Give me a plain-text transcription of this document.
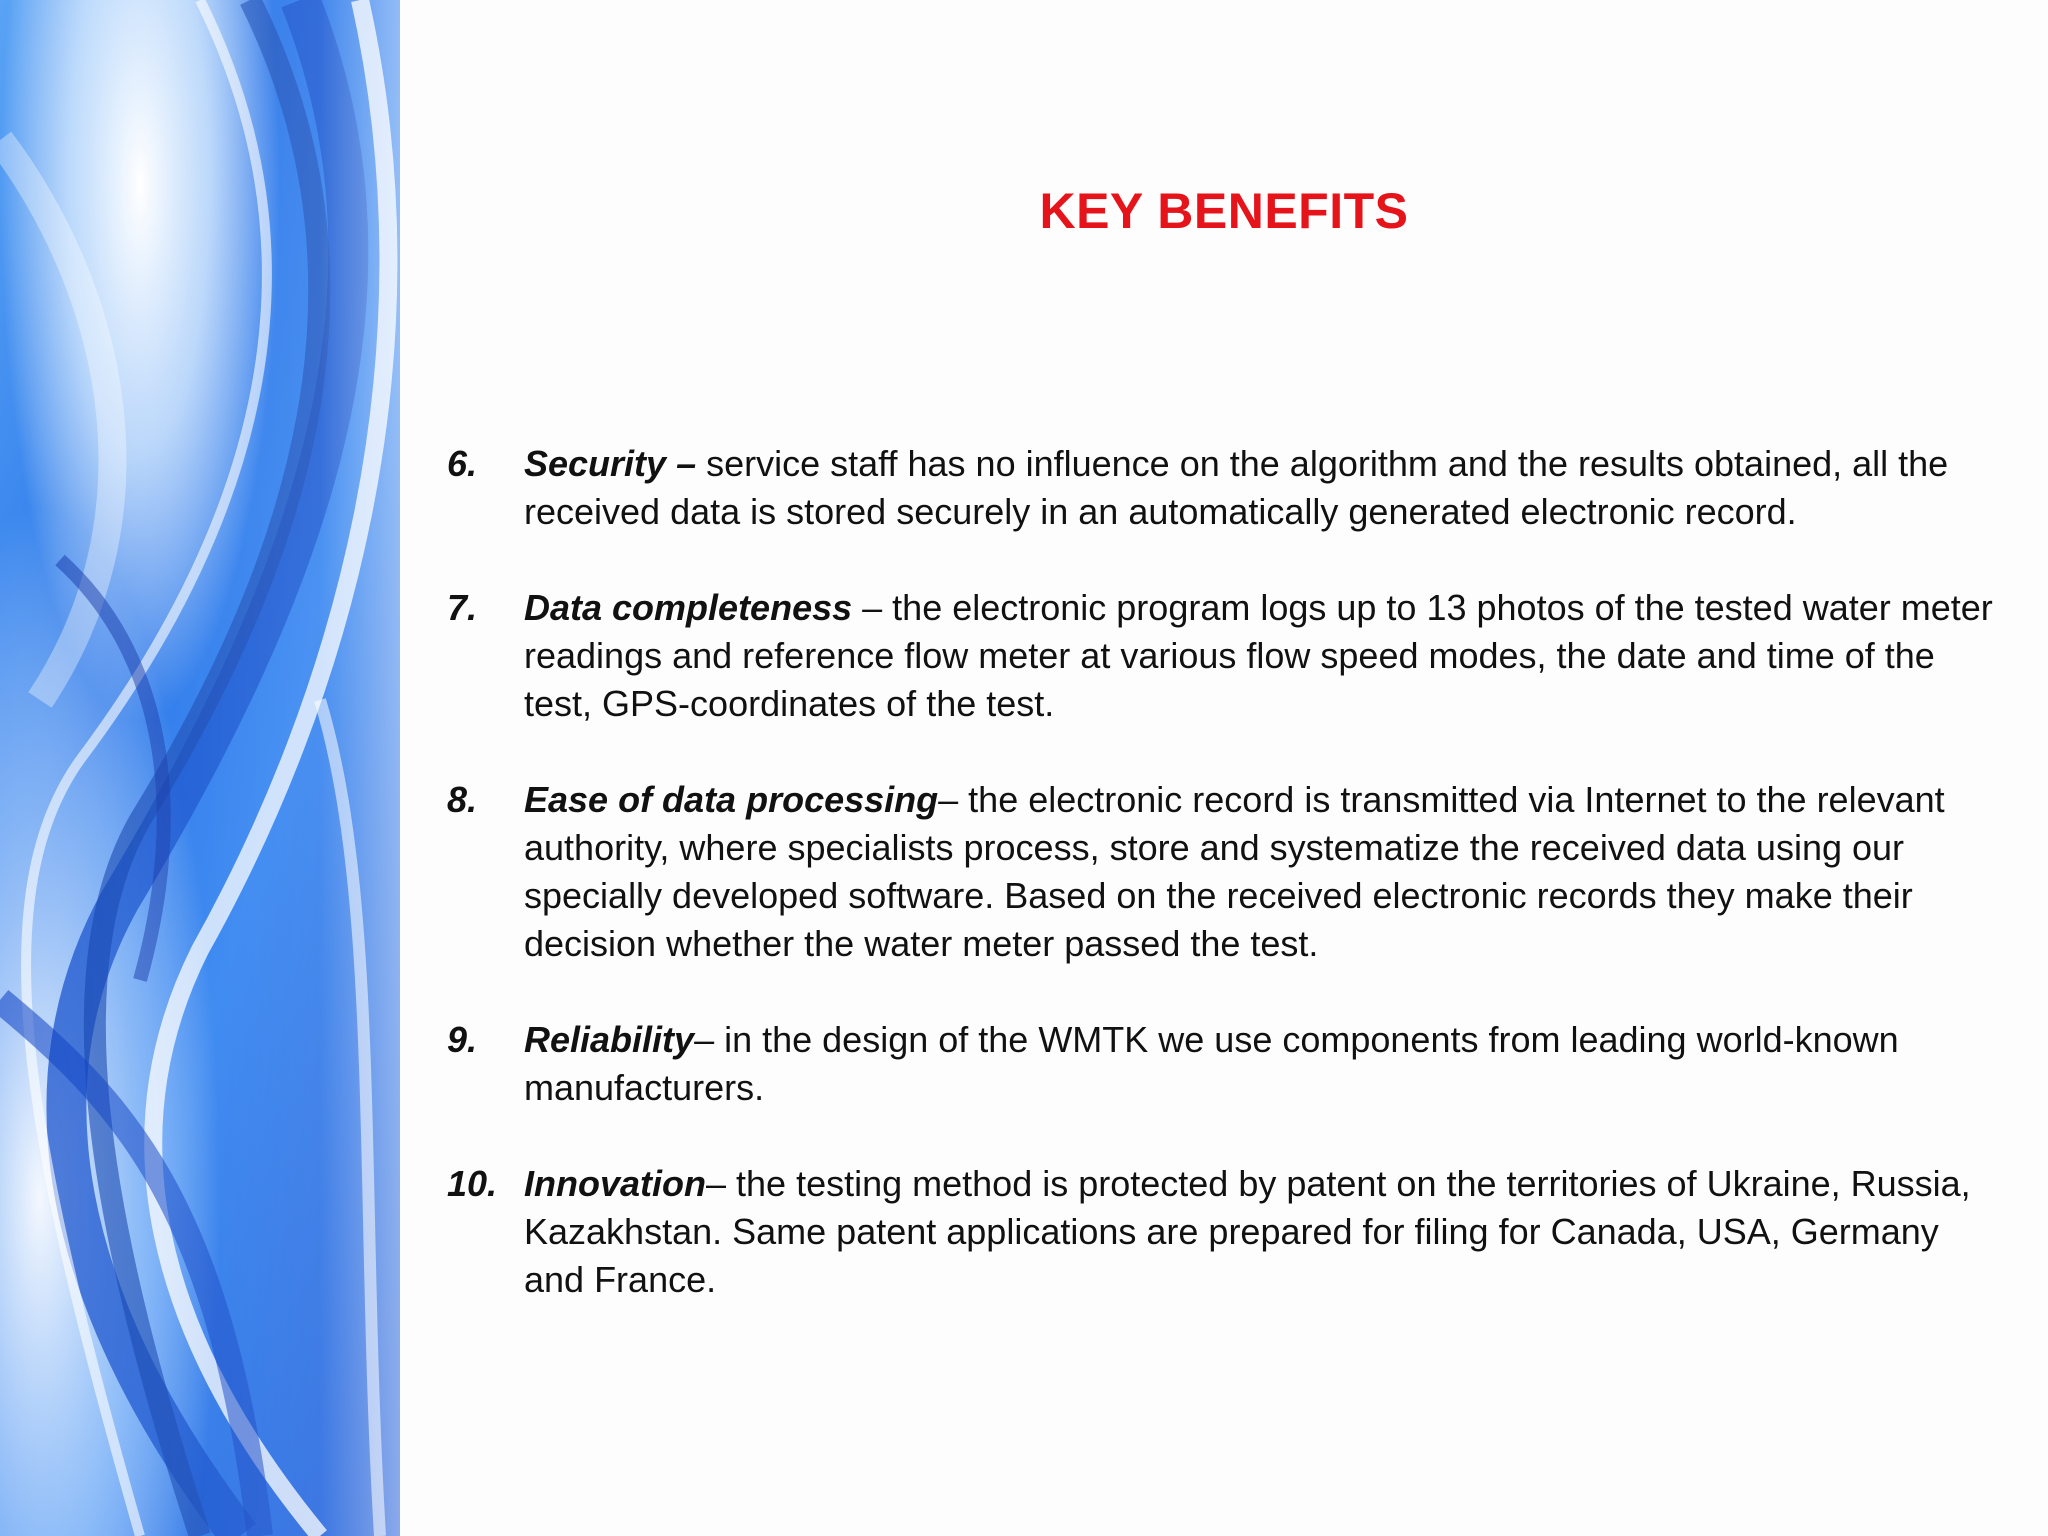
KEY BENEFITS
6. Security – service staff has no influence on the algorithm and the results obtained, all the received data is stored securely in an automatically generated electronic record.
7. Data completeness – the electronic program logs up to 13 photos of the tested water meter readings and reference flow meter at various flow speed modes, the date and time of the test, GPS-coordinates of the test.
8. Ease of data processing– the electronic record is transmitted via Internet to the relevant authority, where specialists process, store and systematize the received data using our specially developed software. Based on the received electronic records they make their decision whether the water meter passed the test.
9. Reliability– in the design of the WMTK we use components from leading world-known manufacturers.
10. Innovation– the testing method is protected by patent on the territories of Ukraine, Russia, Kazakhstan. Same patent applications are prepared for filing for Canada, USA, Germany and France.
